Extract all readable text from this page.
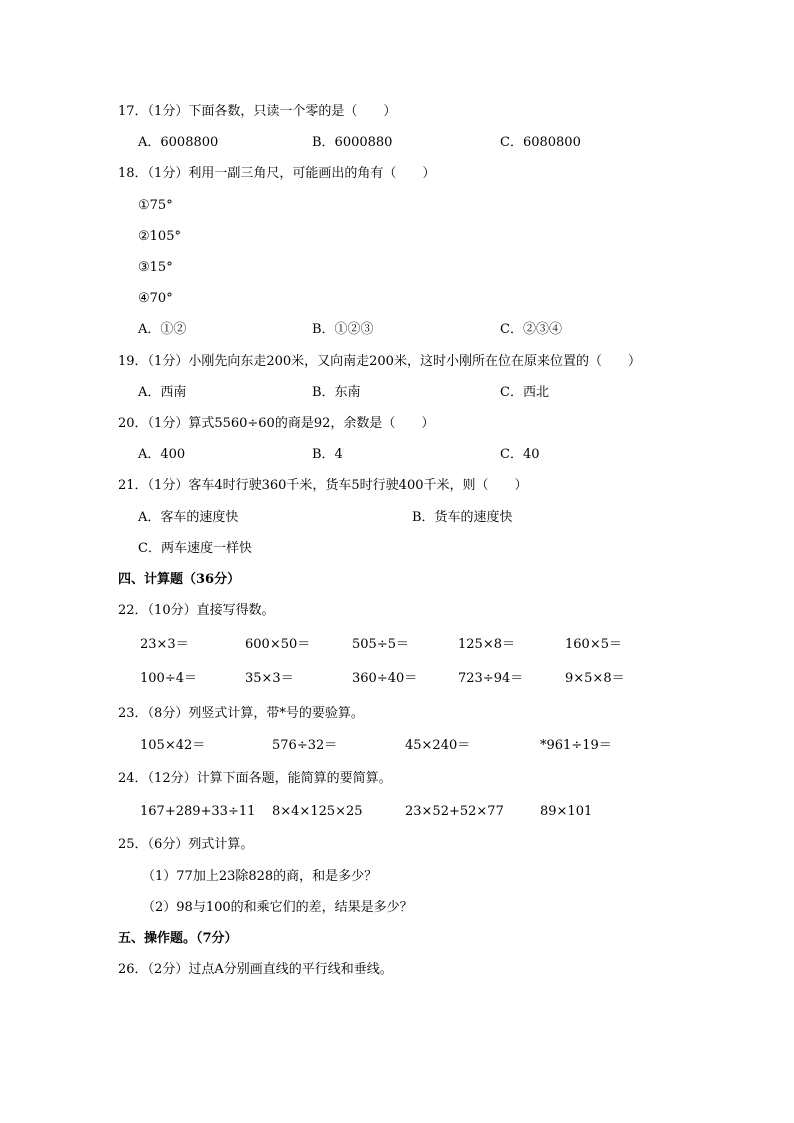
17．（1分）下面各数，只读一个零的是（　　）
A．6008800	B．6000880	C．6080800
18．（1分）利用一副三角尺，可能画出的角有（　　）
①75°
②105°
③15°
④70°
A．①②	B．①②③	C．②③④
19．（1分）小刚先向东走200米，又向南走200米，这时小刚所在位在原来位置的（　　）
A．西南	B．东南	C．西北
20．（1分）算式5560÷60的商是92，余数是（　　）
A．400	B．4	C．40
21．（1分）客车4时行驶360千米，货车5时行驶400千米，则（　　）
A．客车的速度快	B．货车的速度快
C．两车速度一样快
四、计算题（36分）
22．（10分）直接写得数。
23×3＝	600×50＝	505÷5＝	125×8＝	160×5＝
100÷4＝	35×3＝	360÷40＝	723÷94＝	9×5×8＝
23．（8分）列竖式计算，带*号的要验算。
105×42＝	576÷32＝	45×240＝	*961÷19＝
24．（12分）计算下面各题，能简算的要简算。
167+289+33÷11 8×4×125×25	23×52+52×77	89×101
25．（6分）列式计算。
（1）77加上23除828的商，和是多少？
（2）98与100的和乘它们的差，结果是多少？
五、操作题。（7分）
26．（2分）过点A分别画直线的平行线和垂线。
